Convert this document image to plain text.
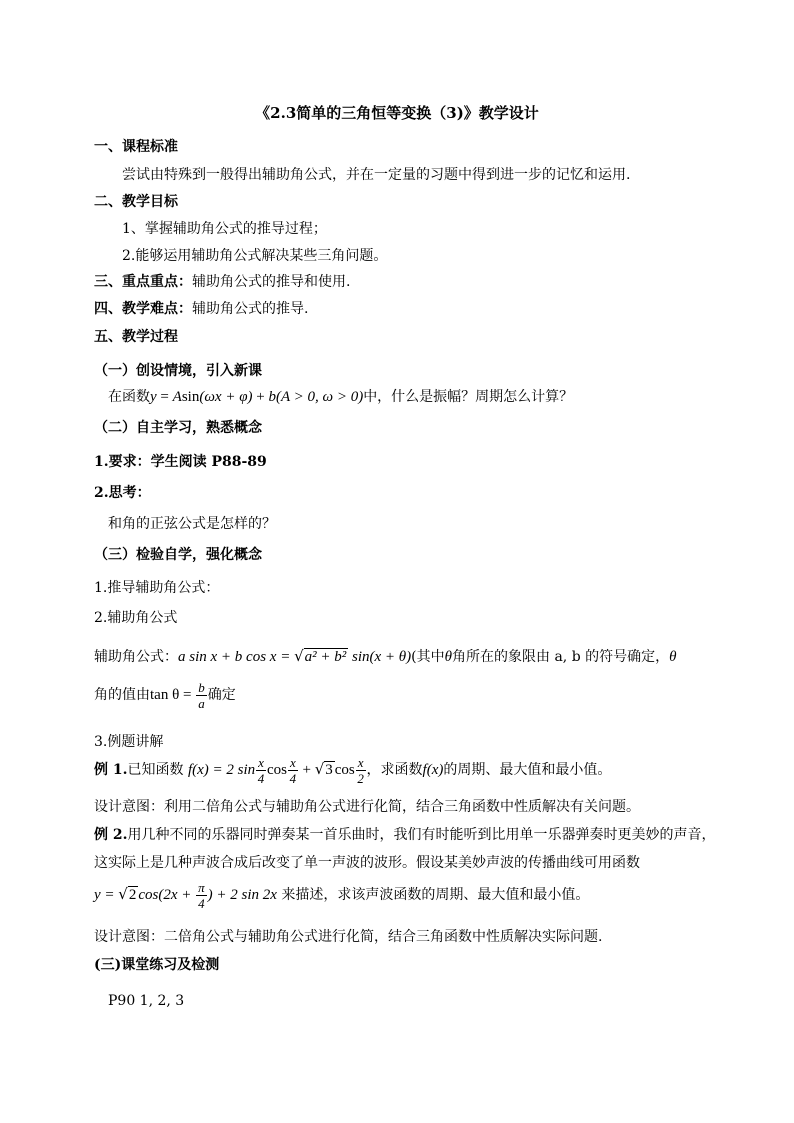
《2.3简单的三角恒等变换（3)》教学设计
一、课程标准
尝试由特殊到一般得出辅助角公式，并在一定量的习题中得到进一步的记忆和运用.
二、教学目标
1、掌握辅助角公式的推导过程；
2.能够运用辅助角公式解决某些三角问题。
三、重点重点：辅助角公式的推导和使用.
四、教学难点：辅助角公式的推导.
五、教学过程
（一）创设情境，引入新课
在函数y = Asin(ωx + φ) + b(A > 0, ω > 0)中，什么是振幅？周期怎么计算？
（二）自主学习，熟悉概念
1.要求：学生阅读 P88-89
2.思考：
和角的正弦公式是怎样的？
（三）检验自学，强化概念
1.推导辅助角公式：
2.辅助角公式
辅助角公式：a sin x + b cos x = √a² + b² sin(x + θ)(其中θ角所在的象限由 a, b 的符号确定，θ
角的值由$\tan \theta = \frac{b}{a}$ 确定
3.例题讲解
例 1.已知函数 f(x) = 2 $\sin \frac{x}{4}$ $\cos \frac{x}{4} + √3$ $\cos \frac{x}{2}$ ，求函数f(x)的周期、最大值和最小值。
设计意图：利用二倍角公式与辅助角公式进行化简，结合三角函数中性质解决有关问题。
例 2.用几种不同的乐器同时弹奏某一首乐曲时，我们有时能听到比用单一乐器弹奏时更美妙的声音，
这实际上是几种声波合成后改变了单一声波的波形。假设某美妙声波的传播曲线可用函数
y = √2 $\cos(2x + \frac{\pi}{4}$ ) + 2 sin 2x 来描述，求该声波函数的周期、最大值和最小值。
设计意图：二倍角公式与辅助角公式进行化简，结合三角函数中性质解决实际问题.
(三)课堂练习及检测
P90 1, 2, 3
